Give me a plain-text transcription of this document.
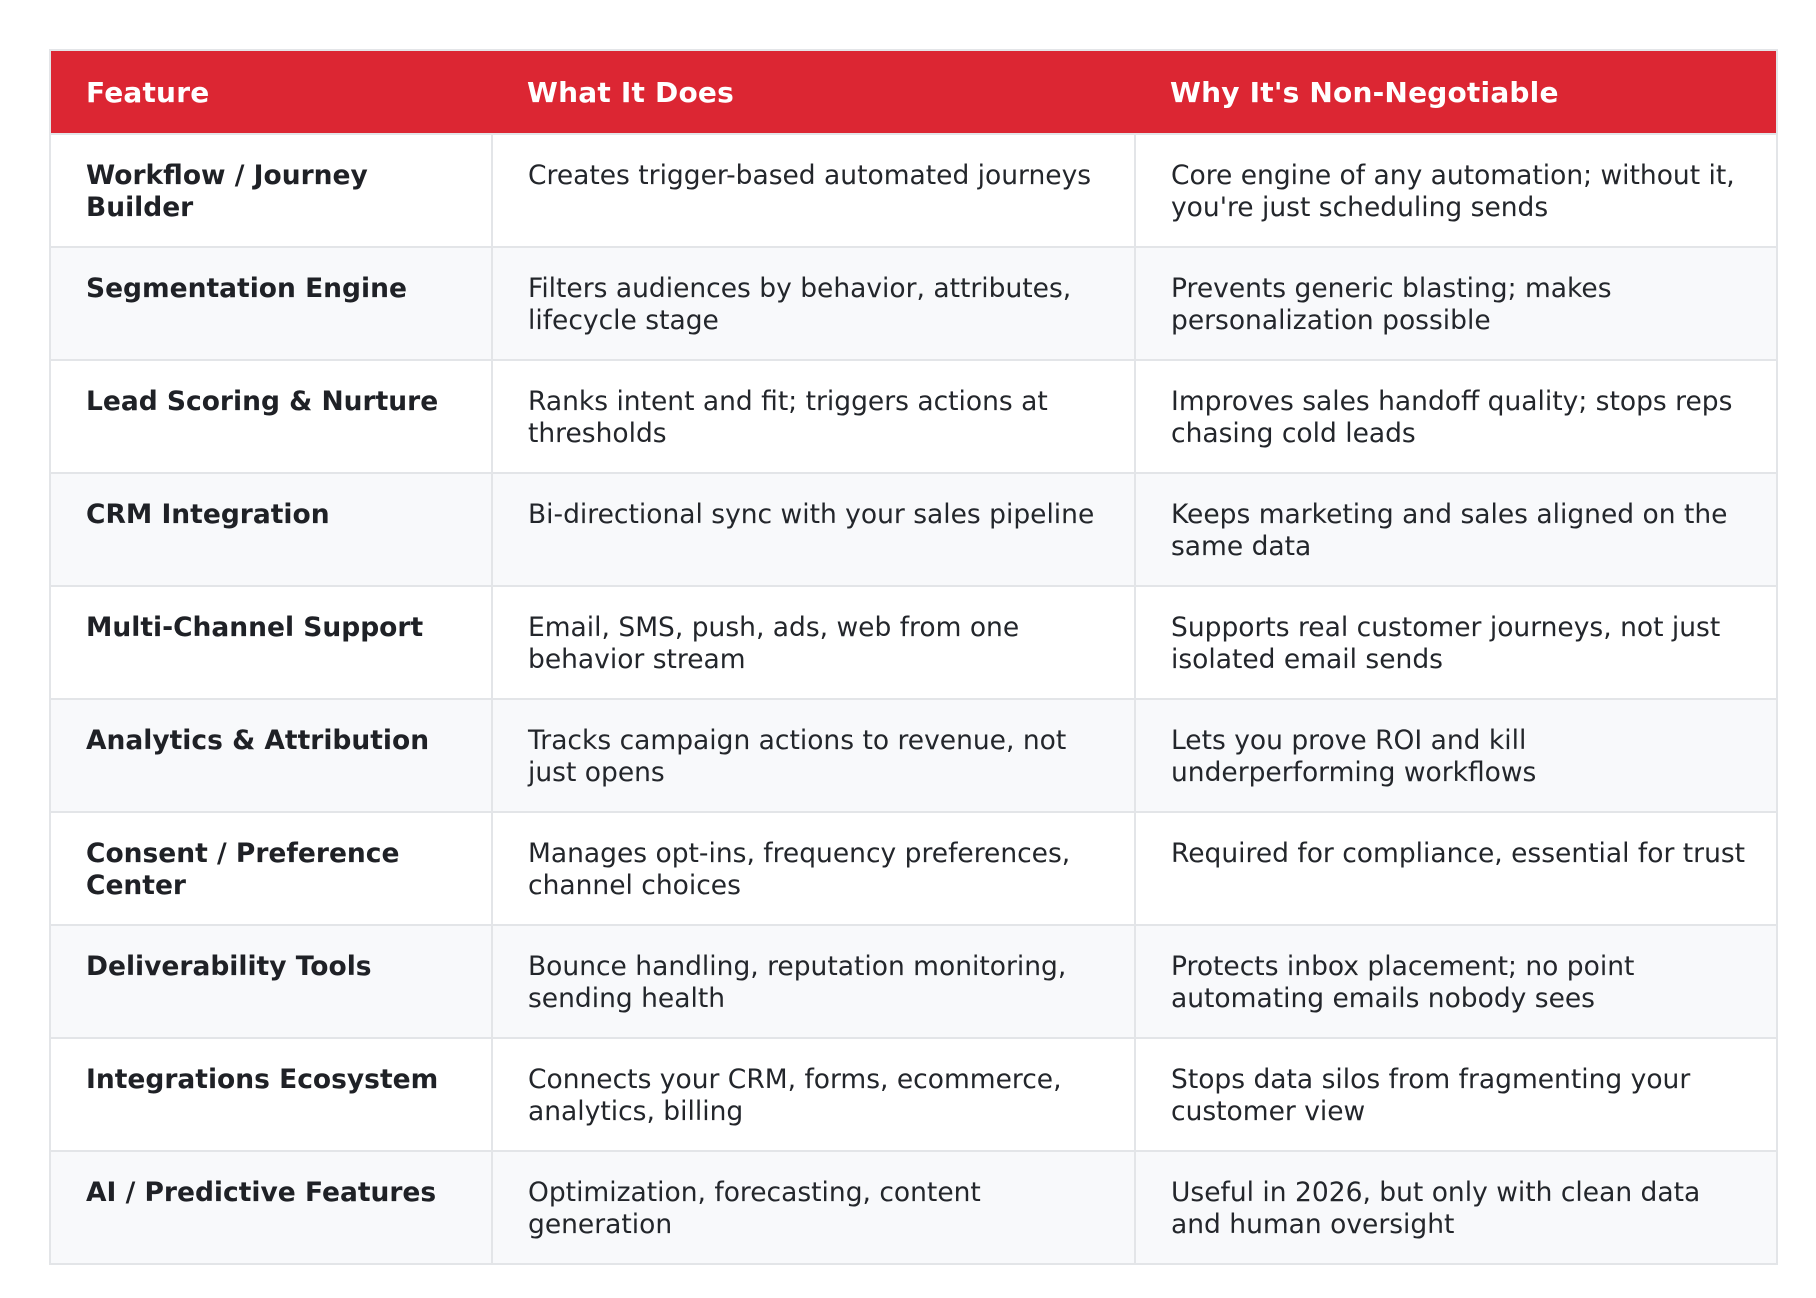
Feature	What It Does	Why It's Non-Negotiable
Workflow / Journey Builder	Creates trigger-based automated journeys	Core engine of any automation; without it, you're just scheduling sends
Segmentation Engine	Filters audiences by behavior, attributes, lifecycle stage	Prevents generic blasting; makes personalization possible
Lead Scoring & Nurture	Ranks intent and fit; triggers actions at thresholds	Improves sales handoff quality; stops reps chasing cold leads
CRM Integration	Bi-directional sync with your sales pipeline	Keeps marketing and sales aligned on the same data
Multi-Channel Support	Email, SMS, push, ads, web from one behavior stream	Supports real customer journeys, not just isolated email sends
Analytics & Attribution	Tracks campaign actions to revenue, not just opens	Lets you prove ROI and kill underperforming workflows
Consent / Preference Center	Manages opt-ins, frequency preferences, channel choices	Required for compliance, essential for trust
Deliverability Tools	Bounce handling, reputation monitoring, sending health	Protects inbox placement; no point automating emails nobody sees
Integrations Ecosystem	Connects your CRM, forms, ecommerce, analytics, billing	Stops data silos from fragmenting your customer view
AI / Predictive Features	Optimization, forecasting, content generation	Useful in 2026, but only with clean data and human oversight
